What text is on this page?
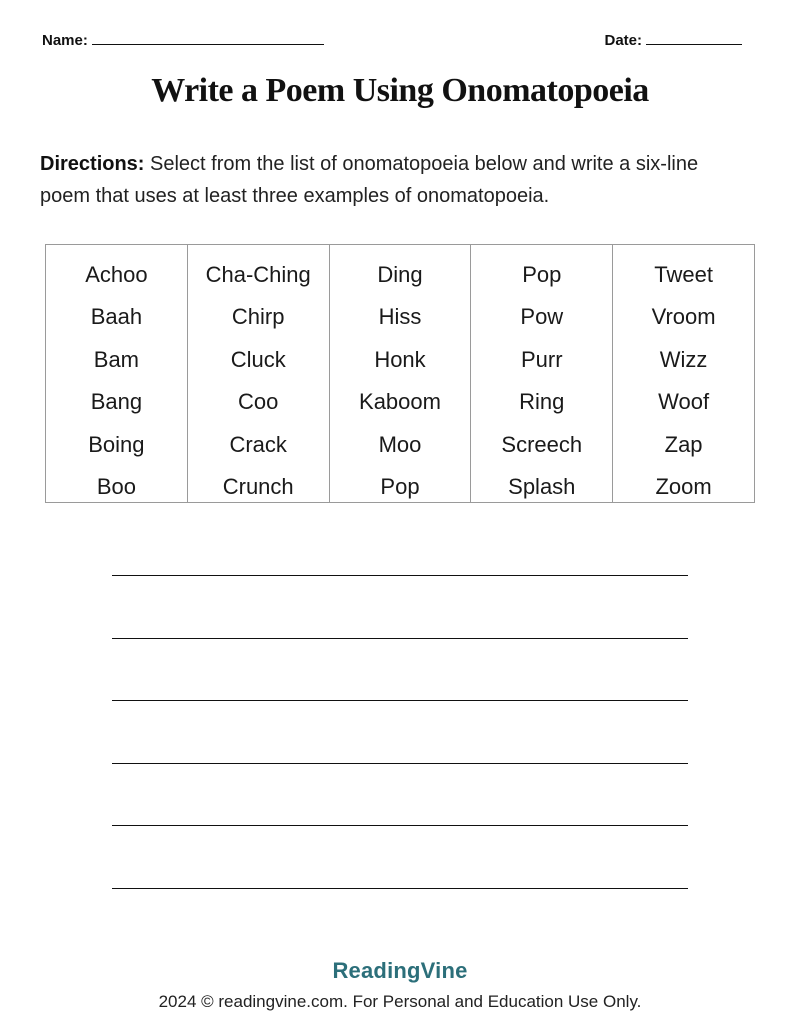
Name:	Date:
Write a Poem Using Onomatopoeia
Directions: Select from the list of onomatopoeia below and write a six-line poem that uses at least three examples of onomatopoeia.
Achoo
Baah
Bam
Bang
Boing
Boo
Cha-Ching
Chirp
Cluck
Coo
Crack
Crunch
Ding
Hiss
Honk
Kaboom
Moo
Pop
Pop
Pow
Purr
Ring
Screech
Splash
Tweet
Vroom
Wizz
Woof
Zap
Zoom
ReadingVine
2024 © readingvine.com. For Personal and Education Use Only.
